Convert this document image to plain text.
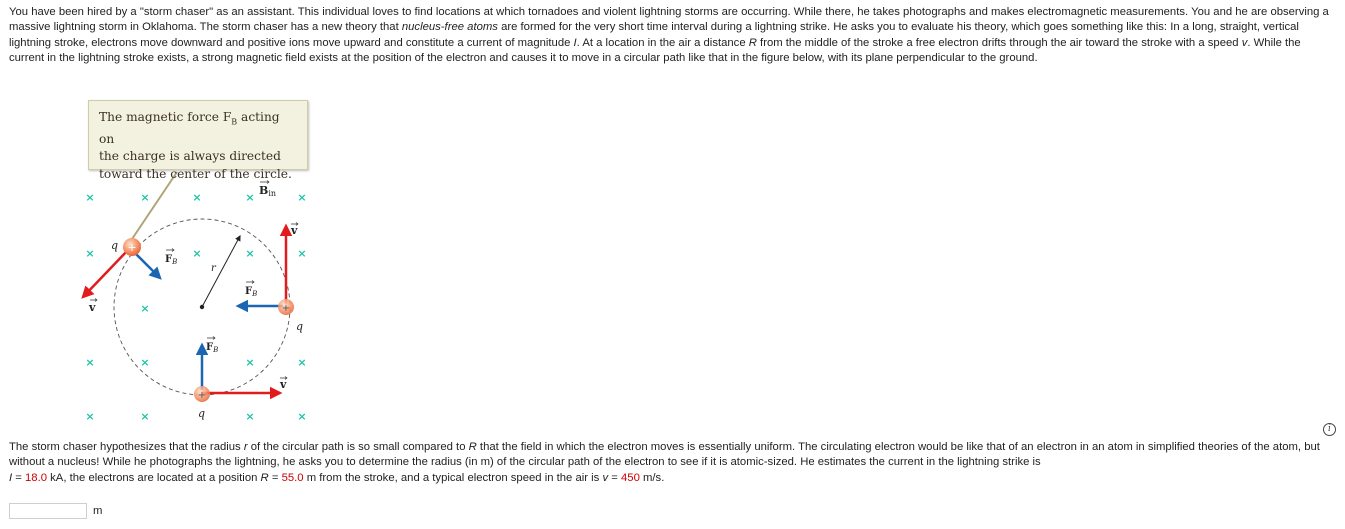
You have been hired by a "storm chaser" as an assistant. This individual loves to find locations at which tornadoes and violent lightning storms are occurring. While there, he takes photographs and makes electromagnetic measurements. You and he are observing a massive lightning storm in Oklahoma. The storm chaser has a new theory that nucleus-free atoms are formed for the very short time interval during a lightning strike. He asks you to evaluate his theory, which goes something like this: In a long, straight, vertical lightning stroke, electrons move downward and positive ions move upward and constitute a current of magnitude I. At a location in the air a distance R from the middle of the stroke a free electron drifts through the air toward the stroke with a speed v. While the current in the lightning stroke exists, a strong magnetic field exists at the position of the electron and causes it to move in a circular path like that in the figure below, with its plane perpendicular to the ground.

×	×	×	×	×
×	×	×	×
×
×	×	×	×
×	×	×	×
+
+
+
Bin
$F_B$
$F_B$
$F_B$
v
v
v
q
q
q
r
The magnetic force $F_B$ acting on
the charge is always directed
toward the center of the circle.
i

The storm chaser hypothesizes that the radius r of the circular path is so small compared to R that the field in which the electron moves is essentially uniform. The circulating electron would be like that of an electron in an atom in simplified theories of the atom, but without a nucleus! While he photographs the lightning, he asks you to determine the radius (in m) of the circular path of the electron to see if it is atomic-sized. He estimates the current in the lightning strike is
I = 18.0 kA, the electrons are located at a position R = 55.0 m from the stroke, and a typical electron speed in the air is v = 450 m/s.

m
